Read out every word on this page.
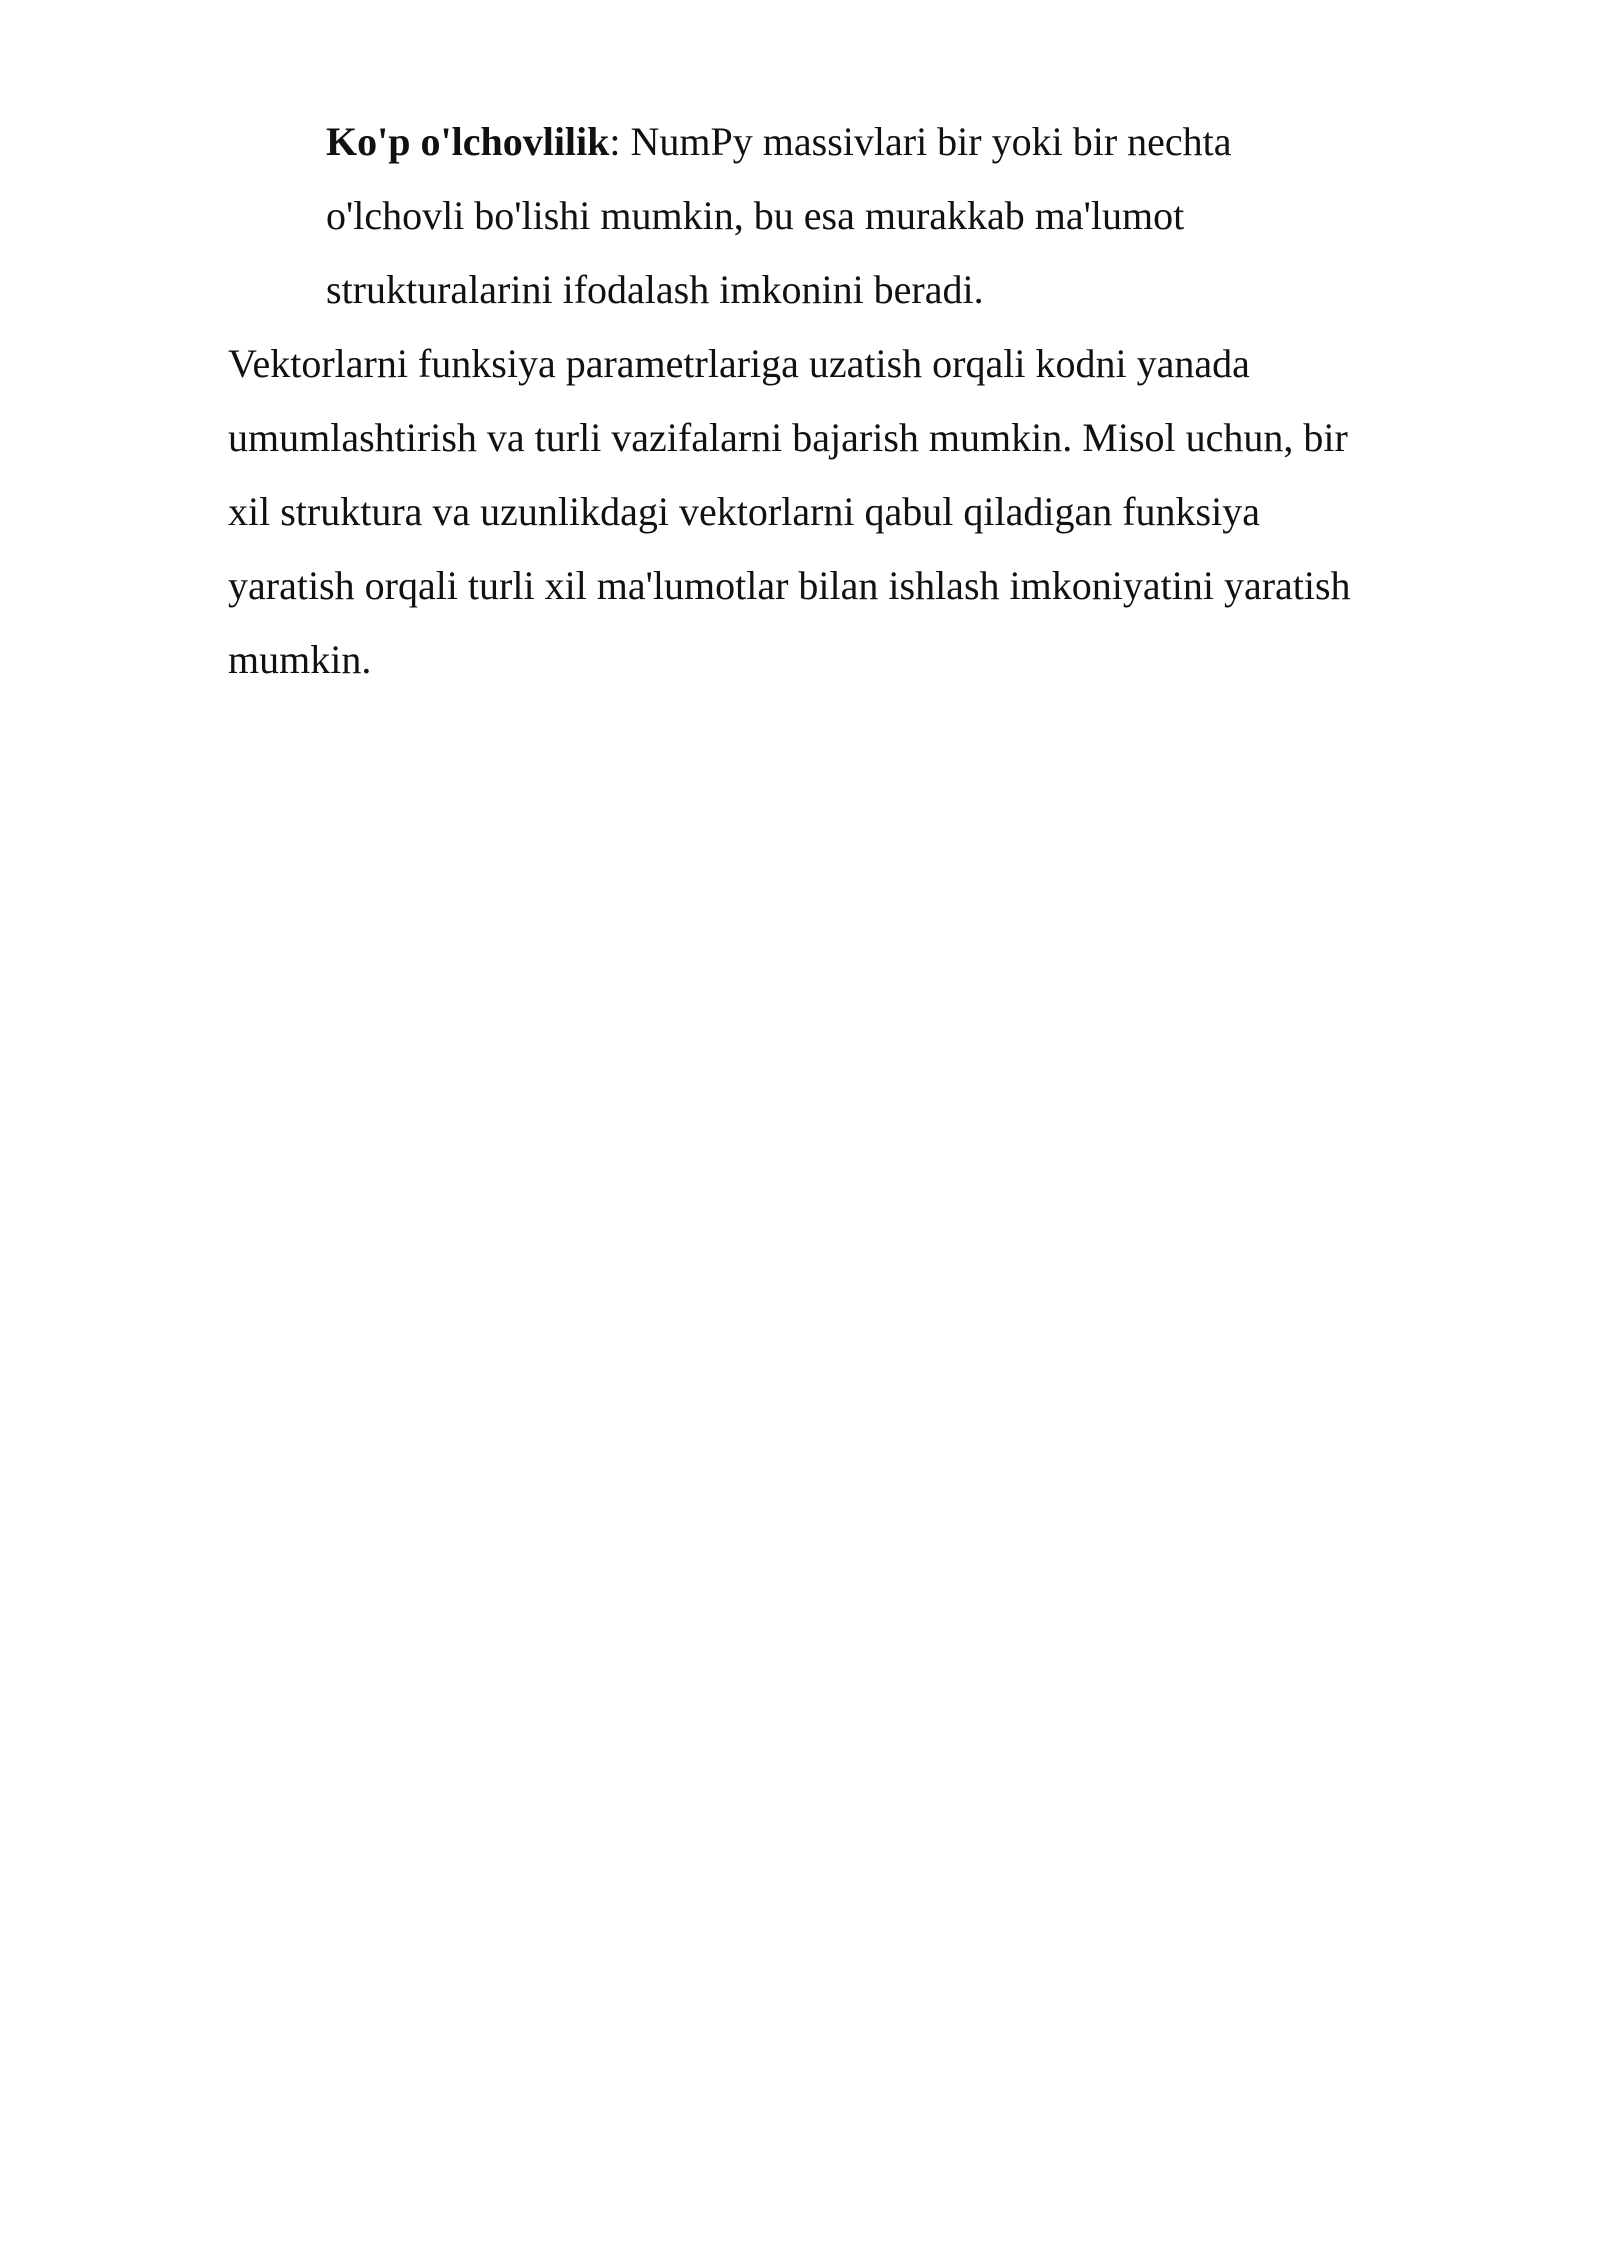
Ko'p o'lchovlilik: NumPy massivlari bir yoki bir nechta
o'lchovli bo'lishi mumkin, bu esa murakkab ma'lumot
strukturalarini ifodalash imkonini beradi.

Vektorlarni funksiya parametrlariga uzatish orqali kodni yanada
umumlashtirish va turli vazifalarni bajarish mumkin. Misol uchun, bir
xil struktura va uzunlikdagi vektorlarni qabul qiladigan funksiya
yaratish orqali turli xil ma'lumotlar bilan ishlash imkoniyatini yaratish
mumkin.
